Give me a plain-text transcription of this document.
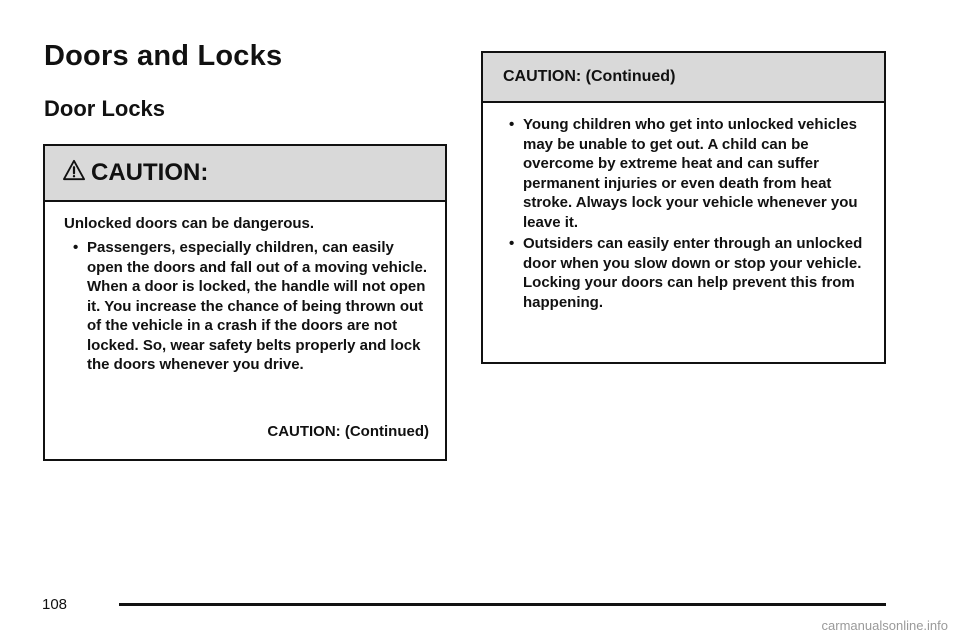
Doors and Locks
Door Locks
CAUTION:
Unlocked doors can be dangerous.
• Passengers, especially children, can easily open the doors and fall out of a moving vehicle. When a door is locked, the handle will not open it. You increase the chance of being thrown out of the vehicle in a crash if the doors are not locked. So, wear safety belts properly and lock the doors whenever you drive.
CAUTION: (Continued)
CAUTION: (Continued)
• Young children who get into unlocked vehicles may be unable to get out. A child can be overcome by extreme heat and can suffer permanent injuries or even death from heat stroke. Always lock your vehicle whenever you leave it.
• Outsiders can easily enter through an unlocked door when you slow down or stop your vehicle. Locking your doors can help prevent this from happening.
108
carmanualsonline.info
